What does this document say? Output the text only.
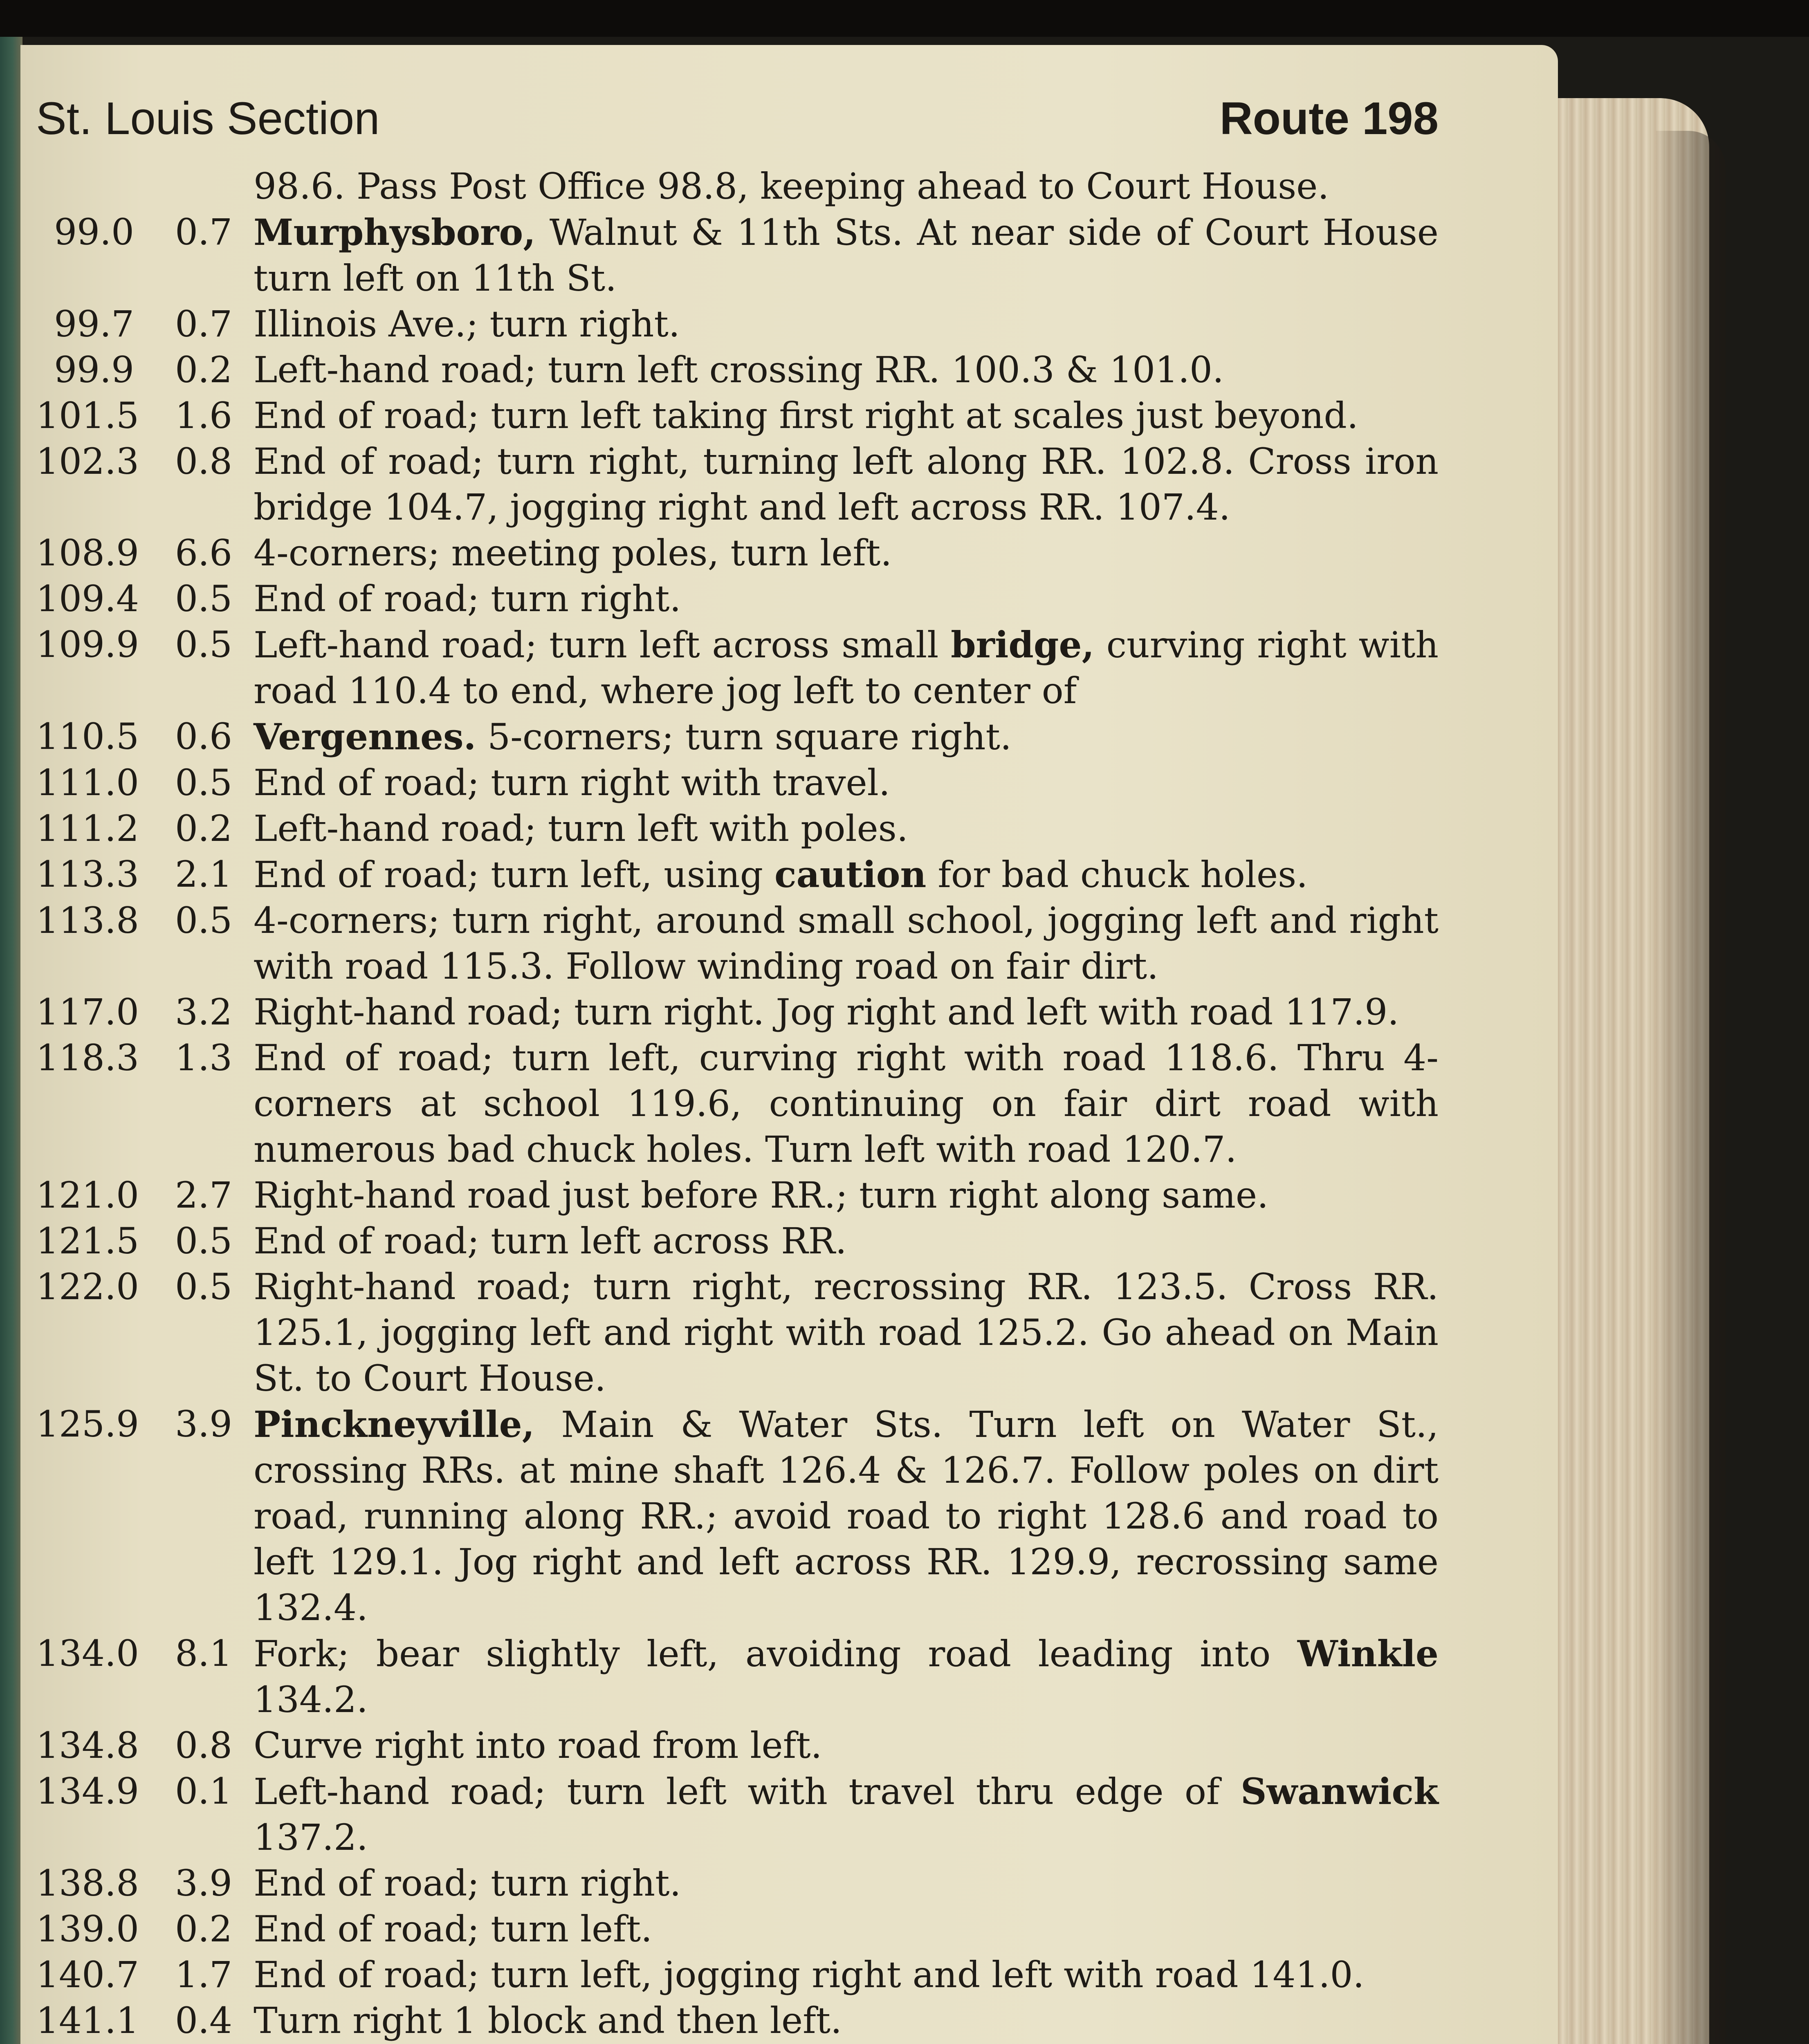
St. Louis Section	Route 198
98.6. Pass Post Office 98.8, keeping ahead to Court House.
99.0	0.7 Murphysboro, Walnut & 11th Sts. At near side of Court House turn left on 11th St.
99.7	0.7 Illinois Ave.; turn right.
99.9	0.2 Left-hand road; turn left crossing RR. 100.3 & 101.0.
101.5	1.6 End of road; turn left taking first right at scales just beyond.
102.3	0.8 End of road; turn right, turning left along RR. 102.8. Cross iron bridge 104.7, jogging right and left across RR. 107.4.
108.9	6.6 4-corners; meeting poles, turn left.
109.4	0.5 End of road; turn right.
109.9	0.5 Left-hand road; turn left across small bridge, curving right with road 110.4 to end, where jog left to center of
110.5	0.6 Vergennes. 5-corners; turn square right.
111.0	0.5 End of road; turn right with travel.
111.2	0.2 Left-hand road; turn left with poles.
113.3	2.1 End of road; turn left, using caution for bad chuck holes.
113.8	0.5 4-corners; turn right, around small school, jogging left and right with road 115.3. Follow winding road on fair dirt.
117.0	3.2 Right-hand road; turn right. Jog right and left with road 117.9.
118.3	1.3 End of road; turn left, curving right with road 118.6. Thru 4-corners at school 119.6, continuing on fair dirt road with numerous bad chuck holes. Turn left with road 120.7.
121.0	2.7 Right-hand road just before RR.; turn right along same.
121.5	0.5 End of road; turn left across RR.
122.0	0.5 Right-hand road; turn right, recrossing RR. 123.5. Cross RR. 125.1, jogging left and right with road 125.2. Go ahead on Main St. to Court House.
125.9	3.9 Pinckneyville, Main & Water Sts. Turn left on Water St., crossing RRs. at mine shaft 126.4 & 126.7. Follow poles on dirt road, running along RR.; avoid road to right 128.6 and road to left 129.1. Jog right and left across RR. 129.9, recrossing same 132.4.
134.0	8.1 Fork; bear slightly left, avoiding road leading into Winkle 134.2.
134.8	0.8 Curve right into road from left.
134.9	0.1 Left-hand road; turn left with travel thru edge of Swanwick 137.2.
138.8	3.9 End of road; turn right.
139.0	0.2 End of road; turn left.
140.7	1.7 End of road; turn left, jogging right and left with road 141.0.
141.1	0.4 Turn right 1 block and then left.
